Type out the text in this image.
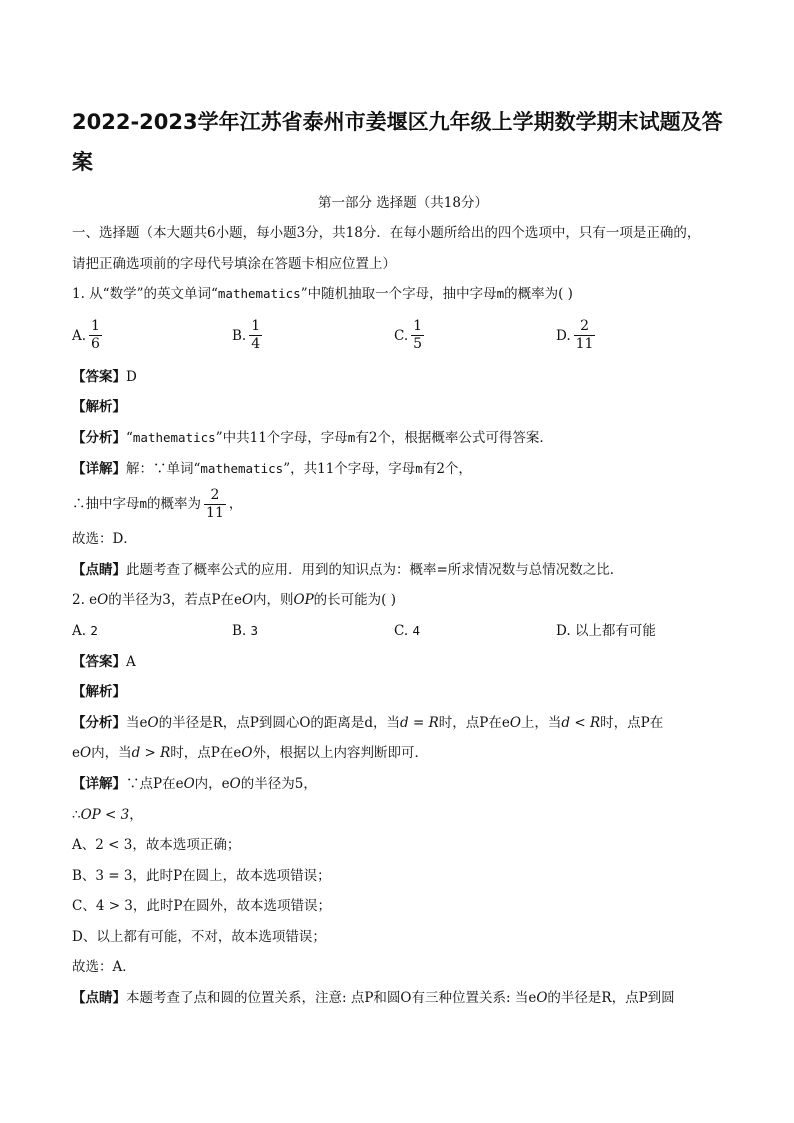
2022-2023学年江苏省泰州市姜堰区九年级上学期数学期末试题及答
案
第一部分 选择题（共18分）
一、选择题（本大题共6小题，每小题3分，共18分．在每小题所给出的四个选项中，只有一项是正确的，
请把正确选项前的字母代号填涂在答题卡相应位置上）
1. 从“数学”的英文单词“mathematics”中随机抽取一个字母，抽中字母m的概率为( )
A. $\frac{1}{6}$	B. $\frac{1}{4}$	C. $\frac{1}{5}$	D. $\frac{2}{11}$
【答案】D
【解析】
【分析】“mathematics”中共11个字母，字母m有2个，根据概率公式可得答案．
【详解】解：∵单词“mathematics”，共11个字母，字母m有2个，
∴抽中字母m的概率为 $\frac{2}{11}$ ，
故选：D．
【点睛】此题考查了概率公式的应用．用到的知识点为：概率=所求情况数与总情况数之比．
2. eO的半径为3，若点P在eO内，则OP的长可能为( )
A. 2	B. 3	C. 4	D. 以上都有可能
【答案】A
【解析】
【分析】当eO的半径是R，点P到圆心O的距离是d，当d = R时，点P在eO上，当d < R时，点P在
eO内，当d > R时，点P在eO外，根据以上内容判断即可．
【详解】∵点P在eO内，eO的半径为5，
∴OP < 3，
A、2 < 3，故本选项正确；
B、3 = 3，此时P在圆上，故本选项错误；
C、4 > 3，此时P在圆外，故本选项错误；
D、以上都有可能，不对，故本选项错误；
故选：A．
【点睛】本题考查了点和圆的位置关系，注意: 点P和圆O有三种位置关系: 当eO的半径是R，点P到圆
